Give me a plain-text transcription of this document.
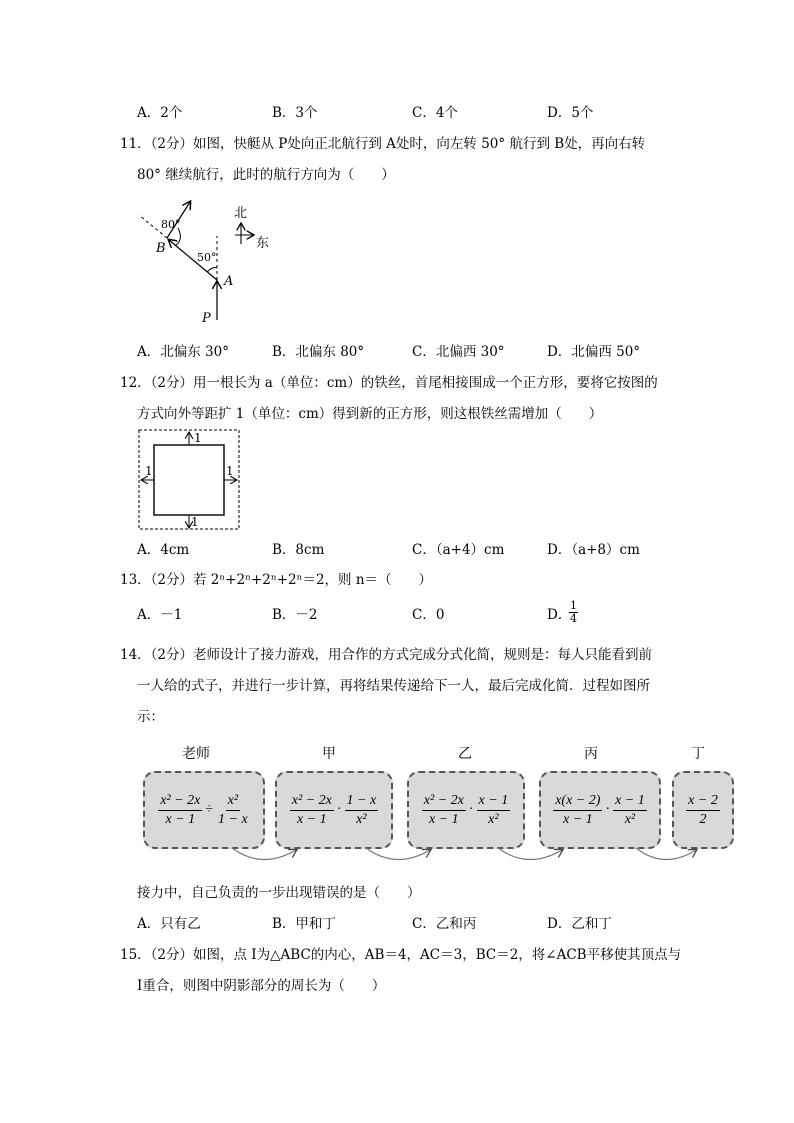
A．2个	B．3个	C．4个	D．5个
11．（2分）如图，快艇从 P处向正北航行到 A处时，向左转 50° 航行到 B处，再向右转
80° 继续航行，此时的航行方向为（　　）
80°
50°
B
A
P
北
东
A．北偏东 30°	B．北偏东 80°	C．北偏西 30°	D．北偏西 50°
12．（2分）用一根长为 a（单位：cm）的铁丝，首尾相接围成一个正方形，要将它按图的
方式向外等距扩 1（单位：cm）得到新的正方形，则这根铁丝需增加（　　）
1
1	1
1
A．4cm	B．8cm	C．（a+4）cm	D．（a+8）cm
13．（2分）若 2ⁿ+2ⁿ+2ⁿ+2ⁿ＝2，则 n＝（　　）
A．－1	B．－2	C．0	D．
$\frac{1}{4}$
14．（2分）老师设计了接力游戏，用合作的方式完成分式化简，规则是：每人只能看到前
一人给的式子，并进行一步计算，再将结果传递给下一人，最后完成化简．过程如图所
示：
老师	甲	乙	丙	丁
$\frac{\text{x² − 2x}}{x - 1} \div \frac{\text{x²}}{1 - x}$	x² − 2x
x − 1
·
1 − x
x²
x² − 2x
x − 1
·
x − 1
x²
x(x − 2)
x − 1
·
x − 1
x²
x − 2
2
接力中，自己负责的一步出现错误的是（　　）
A．只有乙	B．甲和丁	C．乙和丙	D．乙和丁
15．（2分）如图，点 I为△ABC的内心，AB＝4，AC＝3，BC＝2，将∠ACB平移使其顶点与
I重合，则图中阴影部分的周长为（　　）
